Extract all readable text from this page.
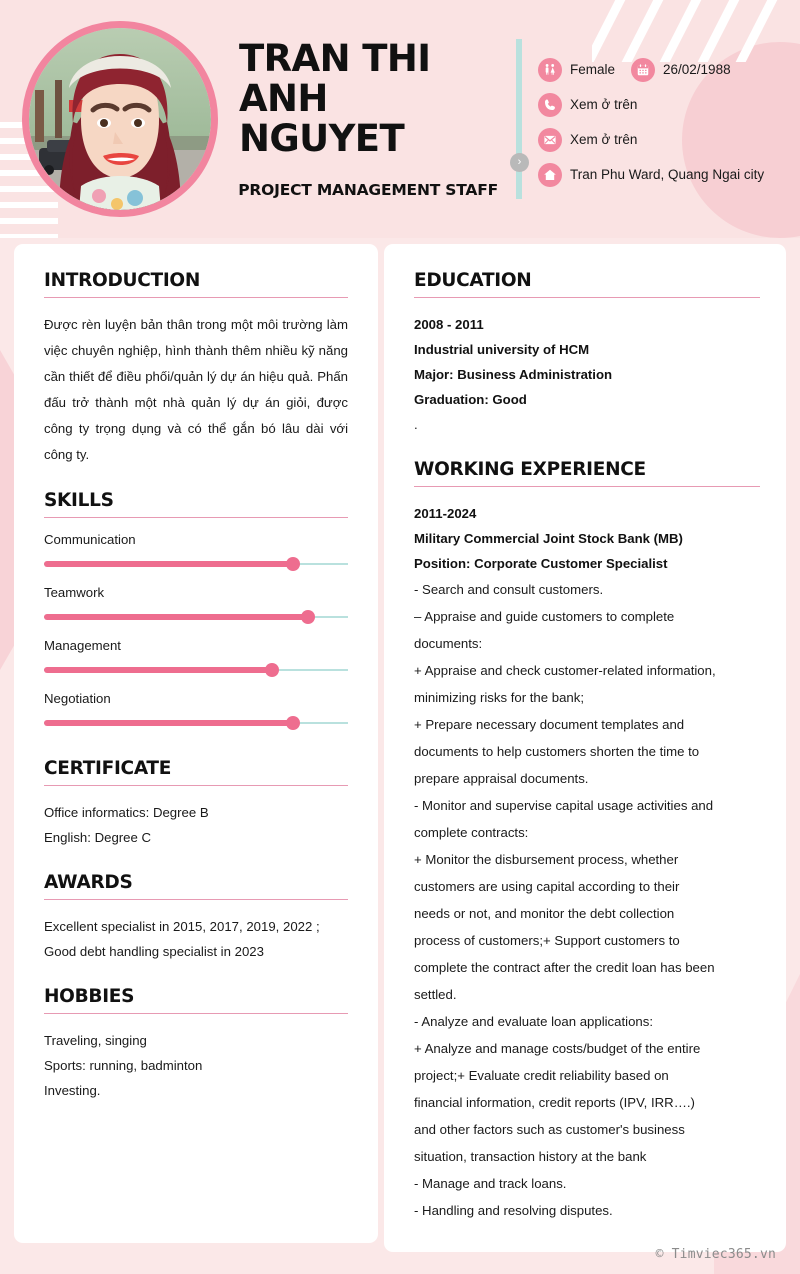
TRAN THI ANH NGUYET
PROJECT MANAGEMENT STAFF
›
Female	26/02/1988
Xem ở trên
Xem ở trên
Tran Phu Ward, Quang Ngai city
INTRODUCTION
Được rèn luyện bản thân trong một môi trường làm việc chuyên nghiệp, hình thành thêm nhiều kỹ năng cần thiết để điều phối/quản lý dự án hiệu quả. Phấn đấu trở thành một nhà quản lý dự án giỏi, được công ty trọng dụng và có thể gắn bó lâu dài với công ty.
SKILLS
Communication
Teamwork
Management
Negotiation
CERTIFICATE
Office informatics: Degree B
English: Degree C
AWARDS
Excellent specialist in 2015, 2017, 2019, 2022 ;
Good debt handling specialist in 2023
HOBBIES
Traveling, singing
Sports: running, badminton
Investing.
EDUCATION
2008 - 2011
Industrial university of HCM
Major: Business Administration
Graduation: Good
.
WORKING EXPERIENCE
2011-2024
Military Commercial Joint Stock Bank (MB)
Position: Corporate Customer Specialist
- Search and consult customers.
– Appraise and guide customers to complete
documents:
+ Appraise and check customer-related information,
minimizing risks for the bank;
+ Prepare necessary document templates and
documents to help customers shorten the time to
prepare appraisal documents.
- Monitor and supervise capital usage activities and
complete contracts:
+ Monitor the disbursement process, whether
customers are using capital according to their
needs or not, and monitor the debt collection
process of customers;+ Support customers to
complete the contract after the credit loan has been
settled.
- Analyze and evaluate loan applications:
+ Analyze and manage costs/budget of the entire
project;+ Evaluate credit reliability based on
financial information, credit reports (IPV, IRR….)
and other factors such as customer's business
situation, transaction history at the bank
- Manage and track loans.
- Handling and resolving disputes.
© Timviec365.vn
